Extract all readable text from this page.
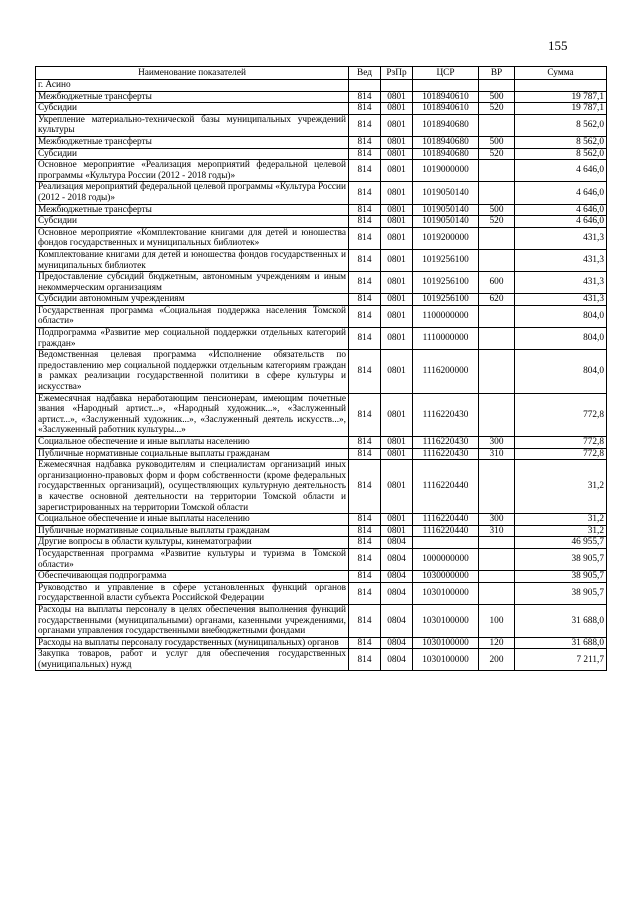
155
Наименование показателей	Вед	РзПр	ЦСР	ВР	Сумма
г. Асино					
Межбюджетные трансферты	814	0801	1018940610	500	19 787,1
Субсидии	814	0801	1018940610	520	19 787,1
Укрепление материально-технической базы муниципальных учреждений культуры	814	0801	1018940680		8 562,0
Межбюджетные трансферты	814	0801	1018940680	500	8 562,0
Субсидии	814	0801	1018940680	520	8 562,0
Основное мероприятие «Реализация мероприятий федеральной целевой программы «Культура России (2012 - 2018 годы)»	814	0801	1019000000		4 646,0
Реализация мероприятий федеральной целевой программы «Культура России (2012 - 2018 годы)»	814	0801	1019050140		4 646,0
Межбюджетные трансферты	814	0801	1019050140	500	4 646,0
Субсидии	814	0801	1019050140	520	4 646,0
Основное мероприятие «Комплектование книгами для детей и юношества фондов государственных и муниципальных библиотек»	814	0801	1019200000		431,3
Комплектование книгами для детей и юношества фондов государственных и муниципальных библиотек	814	0801	1019256100		431,3
Предоставление субсидий бюджетным, автономным учреждениям и иным некоммерческим организациям	814	0801	1019256100	600	431,3
Субсидии автономным учреждениям	814	0801	1019256100	620	431,3
Государственная программа «Социальная поддержка населения Томской области»	814	0801	1100000000		804,0
Подпрограмма «Развитие мер социальной поддержки отдельных категорий граждан»	814	0801	1110000000		804,0
Ведомственная целевая программа «Исполнение обязательств по предоставлению мер социальной поддержки отдельным категориям граждан в рамках реализации государственной политики в сфере культуры и искусства»	814	0801	1116200000		804,0
Ежемесячная надбавка неработающим пенсионерам, имеющим почетные звания «Народный артист...», «Народный художник...», «Заслуженный артист...», «Заслуженный художник...», «Заслуженный деятель искусств...», «Заслуженный работник культуры...»	814	0801	1116220430		772,8
Социальное обеспечение и иные выплаты населению	814	0801	1116220430	300	772,8
Публичные нормативные социальные выплаты гражданам	814	0801	1116220430	310	772,8
Ежемесячная надбавка руководителям и специалистам организаций иных организационно-правовых форм и форм собственности (кроме федеральных государственных организаций), осуществляющих культурную деятельность в качестве основной деятельности на территории Томской области и зарегистрированных на территории Томской области	814	0801	1116220440		31,2
Социальное обеспечение и иные выплаты населению	814	0801	1116220440	300	31,2
Публичные нормативные социальные выплаты гражданам	814	0801	1116220440	310	31,2
Другие вопросы в области культуры, кинематографии	814	0804			46 955,7
Государственная программа «Развитие культуры и туризма в Томской области»	814	0804	1000000000		38 905,7
Обеспечивающая подпрограмма	814	0804	1030000000		38 905,7
Руководство и управление в сфере установленных функций органов государственной власти субъекта Российской Федерации	814	0804	1030100000		38 905,7
Расходы на выплаты персоналу в целях обеспечения выполнения функций государственными (муниципальными) органами, казенными учреждениями, органами управления государственными внебюджетными фондами	814	0804	1030100000	100	31 688,0
Расходы на выплаты персоналу государственных (муниципальных) органов	814	0804	1030100000	120	31 688,0
Закупка товаров, работ и услуг для обеспечения государственных (муниципальных) нужд	814	0804	1030100000	200	7 211,7
